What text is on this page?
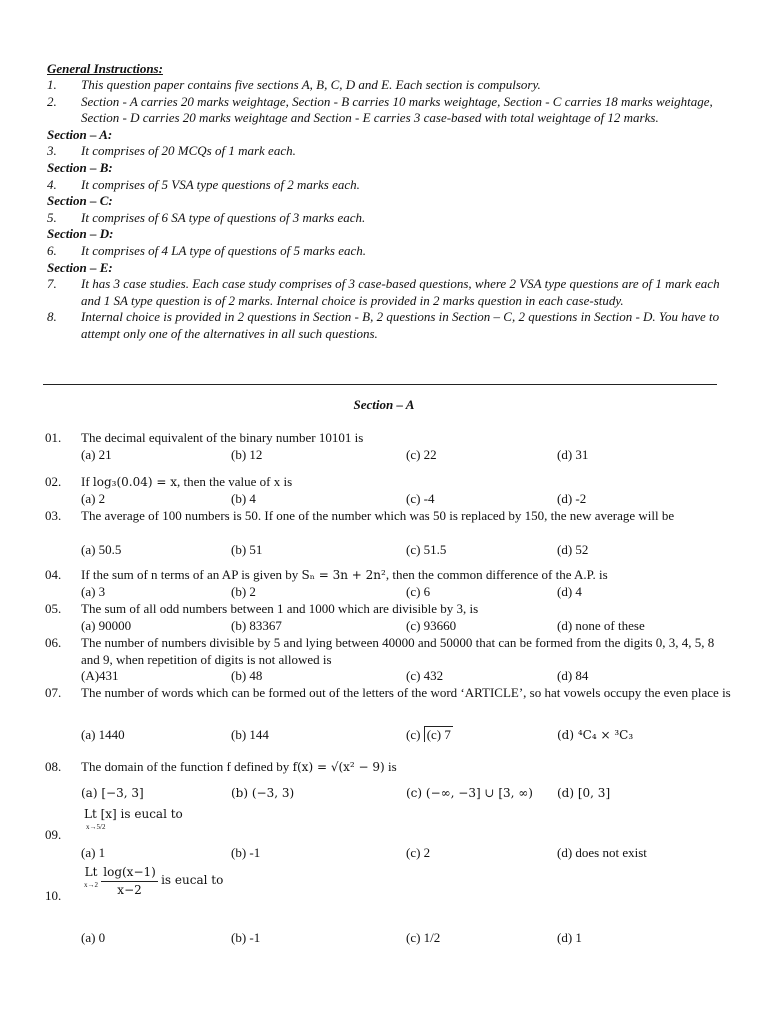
General Instructions:
1.	This question paper contains five sections A, B, C, D and E. Each section is compulsory.
2.	Section - A carries 20 marks weightage, Section - B carries 10 marks weightage, Section - C carries 18 marks weightage, Section - D carries 20 marks weightage and Section - E carries 3 case-based with total weightage of 12 marks.
Section – A:
3.	It comprises of 20 MCQs of 1 mark each.
Section – B:
4.	It comprises of 5 VSA type questions of 2 marks each.
Section – C:
5.	It comprises of 6 SA type of questions of 3 marks each.
Section – D:
6.	It comprises of 4 LA type of questions of 5 marks each.
Section – E:
7.	It has 3 case studies. Each case study comprises of 3 case-based questions, where 2 VSA type questions are of 1 mark each and 1 SA type question is of 2 marks. Internal choice is provided in 2 marks question in each case-study.
8.	Internal choice is provided in 2 questions in Section - B, 2 questions in Section – C, 2 questions in Section - D. You have to attempt only one of the alternatives in all such questions.
Section – A
01. The decimal equivalent of the binary number 10101 is
(a) 21	(b) 12	(c) 22	(d) 31
02. If log₃(0.04) = x, then the value of x is
(a) 2	(b) 4	(c) -4	(d) -2
03. The average of 100 numbers is 50. If one of the number which was 50 is replaced by 150, the new average will be
(a) 50.5	(b) 51	(c) 51.5	(d) 52
04. If the sum of n terms of an AP is given by Sₙ = 3n + 2n², then the common difference of the A.P. is
(a) 3	(b) 2	(c) 6	(d) 4
05. The sum of all odd numbers between 1 and 1000 which are divisible by 3, is
(a) 90000	(b) 83367	(c) 93660	(d) none of these
06. The number of numbers divisible by 5 and lying between 40000 and 50000 that can be formed from the digits 0, 3, 4, 5, 8 and 9, when repetition of digits is not allowed is
(A)431	(b) 48	(c) 432	(d) 84
07. The number of words which can be formed out of the letters of the word ‘ARTICLE’, so hat vowels occupy the even place is
(a) 1440	(b) 144	(c) (c) 7	(d) ⁴C₄ × ³C₃
08. The domain of the function f defined by f(x) = √(x² − 9) is
(a) [−3, 3]	(b) (−3, 3)	(c) (−∞, −3] ∪ [3, ∞) (d) [0, 3]
Lt [x] is eucal to
x→5/2
09.
(a) 1	(b) -1	(c) 2	(d) does not exist
Lt
x→2
$\frac{\log(x-1)}{x-2}$ is eucal to
10.
(a) 0	(b) -1	(c) 1/2	(d) 1
